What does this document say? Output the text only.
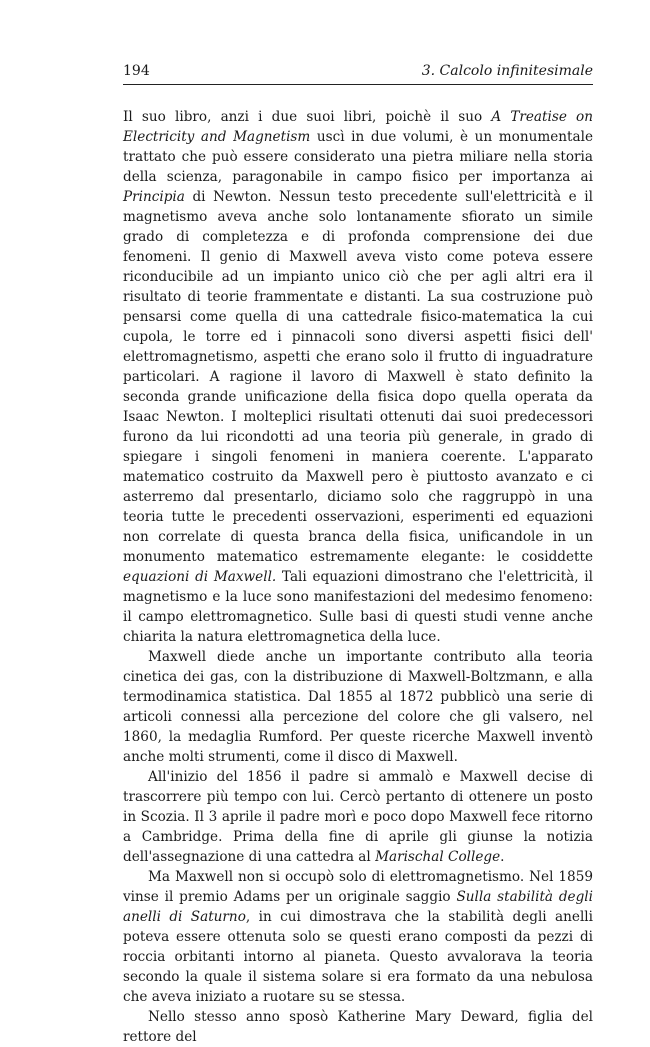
194	3. Calcolo infinitesimale

Il suo libro, anzi i due suoi libri, poichè il suo A Treatise on Electricity and Magnetism uscì in due volumi, è un monumentale trattato che può essere considerato una pietra miliare nella storia della scienza, paragonabile in campo fisico per importanza ai Principia di Newton. Nessun testo precedente sull'elettricità e il magnetismo aveva anche solo lontanamente sfiorato un simile grado di completezza e di profonda comprensione dei due fenomeni. Il genio di Maxwell aveva visto come poteva essere riconducibile ad un impianto unico ciò che per agli altri era il risultato di teorie frammentate e distanti. La sua costruzione può pensarsi come quella di una cattedrale fisico-matematica la cui cupola, le torre ed i pinnacoli sono diversi aspetti fisici dell' elettromagnetismo, aspetti che erano solo il frutto di inguadrature particolari. A ragione il lavoro di Maxwell è stato definito la seconda grande unificazione della fisica dopo quella operata da Isaac Newton. I molteplici risultati ottenuti dai suoi predecessori furono da lui ricondotti ad una teoria più generale, in grado di spiegare i singoli fenomeni in maniera coerente. L'apparato matematico costruito da Maxwell pero è piuttosto avanzato e ci asterremo dal presentarlo, diciamo solo che raggruppò in una teoria tutte le precedenti osservazioni, esperimenti ed equazioni non correlate di questa branca della fisica, unificandole in un monumento matematico estremamente elegante: le cosiddette equazioni di Maxwell. Tali equazioni dimostrano che l'elettricità, il magnetismo e la luce sono manifestazioni del medesimo fenomeno: il campo elettromagnetico. Sulle basi di questi studi venne anche chiarita la natura elettromagnetica della luce.

Maxwell diede anche un importante contributo alla teoria cinetica dei gas, con la distribuzione di Maxwell-Boltzmann, e alla termodinamica statistica. Dal 1855 al 1872 pubblicò una serie di articoli connessi alla percezione del colore che gli valsero, nel 1860, la medaglia Rumford. Per queste ricerche Maxwell inventò anche molti strumenti, come il disco di Maxwell.

All'inizio del 1856 il padre si ammalò e Maxwell decise di trascorrere più tempo con lui. Cercò pertanto di ottenere un posto in Scozia. Il 3 aprile il padre morì e poco dopo Maxwell fece ritorno a Cambridge. Prima della fine di aprile gli giunse la notizia dell'assegnazione di una cattedra al Marischal College.

Ma Maxwell non si occupò solo di elettromagnetismo. Nel 1859 vinse il premio Adams per un originale saggio Sulla stabilità degli anelli di Saturno, in cui dimostrava che la stabilità degli anelli poteva essere ottenuta solo se questi erano composti da pezzi di roccia orbitanti intorno al pianeta. Questo avvalorava la teoria secondo la quale il sistema solare si era formato da una nebulosa che aveva iniziato a ruotare su se stessa.

Nello stesso anno sposò Katherine Mary Deward, figlia del rettore del
